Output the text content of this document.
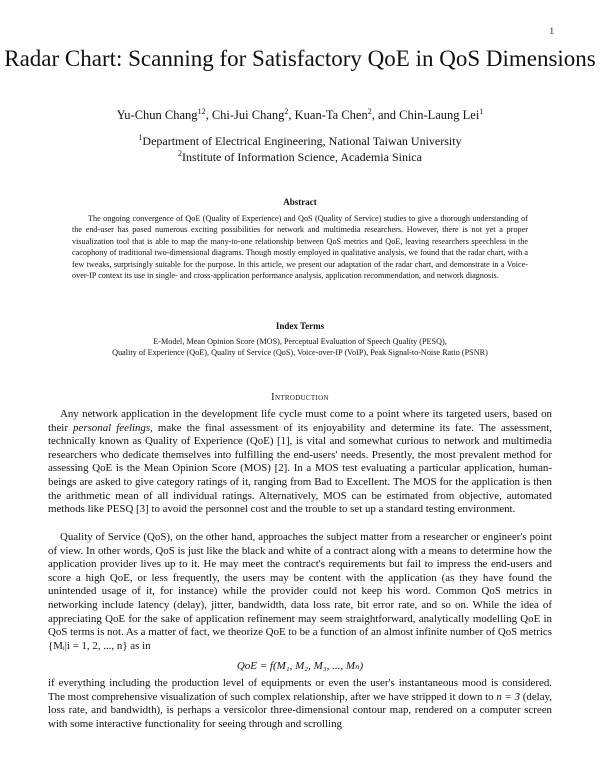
1
Radar Chart: Scanning for Satisfactory QoE in QoS Dimensions
Yu-Chun Chang$^{12}$, Chi-Jui Chang$^2$, Kuan-Ta Chen$^2$, and Chin-Laung Lei$^1$
$^1$Department of Electrical Engineering, National Taiwan University
$^2$Institute of Information Science, Academia Sinica
Abstract

The ongoing convergence of QoE (Quality of Experience) and QoS (Quality of Service) studies to give a thorough understanding of the end-user has posed numerous exciting possibilities for network and multimedia researchers. However, there is not yet a proper visualization tool that is able to map the many-to-one relationship between QoS metrics and QoE, leaving researchers speechless in the cacophony of traditional two-dimensional diagrams. Though mostly employed in qualitative analysis, we found that the radar chart, with a few tweaks, surprisingly suitable for the purpose. In this article, we present our adaptation of the radar chart, and demonstrate in a Voice-over-IP context its use in single- and cross-application performance analysis, application recommendation, and network diagnosis.

Index Terms
E-Model, Mean Opinion Score (MOS), Perceptual Evaluation of Speech Quality (PESQ),
Quality of Experience (QoE), Quality of Service (QoS), Voice-over-IP (VoIP), Peak Signal-to-Noise Ratio (PSNR)
Introduction

Any network application in the development life cycle must come to a point where its targeted users, based on their personal feelings, make the final assessment of its enjoyability and determine its fate. The assessment, technically known as Quality of Experience (QoE) [1], is vital and somewhat curious to network and multimedia researchers who dedicate themselves into fulfilling the end-users' needs. Presently, the most prevalent method for assessing QoE is the Mean Opinion Score (MOS) [2]. In a MOS test evaluating a particular application, human-beings are asked to give category ratings of it, ranging from Bad to Excellent. The MOS for the application is then the arithmetic mean of all individual ratings. Alternatively, MOS can be estimated from objective, automated methods like PESQ [3] to avoid the personnel cost and the trouble to set up a standard testing environment.

Quality of Service (QoS), on the other hand, approaches the subject matter from a researcher or engineer's point of view. In other words, QoS is just like the black and white of a contract along with a means to determine how the application provider lives up to it. He may meet the contract's requirements but fail to impress the end-users and score a high QoE, or less frequently, the users may be content with the application (as they have found the unintended usage of it, for instance) while the provider could not keep his word. Common QoS metrics in networking include latency (delay), jitter, bandwidth, data loss rate, bit error rate, and so on. While the idea of appreciating QoE for the sake of application refinement may seem straightforward, analytically modelling QoE in QoS terms is not. As a matter of fact, we theorize QoE to be a function of an almost infinite number of QoS metrics {Mᵢ|i = 1, 2, ..., n} as in

QoE = f(M₁, M₂, M₃, ..., Mₙ)

if everything including the production level of equipments or even the user's instantaneous mood is considered. The most comprehensive visualization of such complex relationship, after we have stripped it down to n = 3 (delay, loss rate, and bandwidth), is perhaps a versicolor three-dimensional contour map, rendered on a computer screen with some interactive functionality for seeing through and scrolling
